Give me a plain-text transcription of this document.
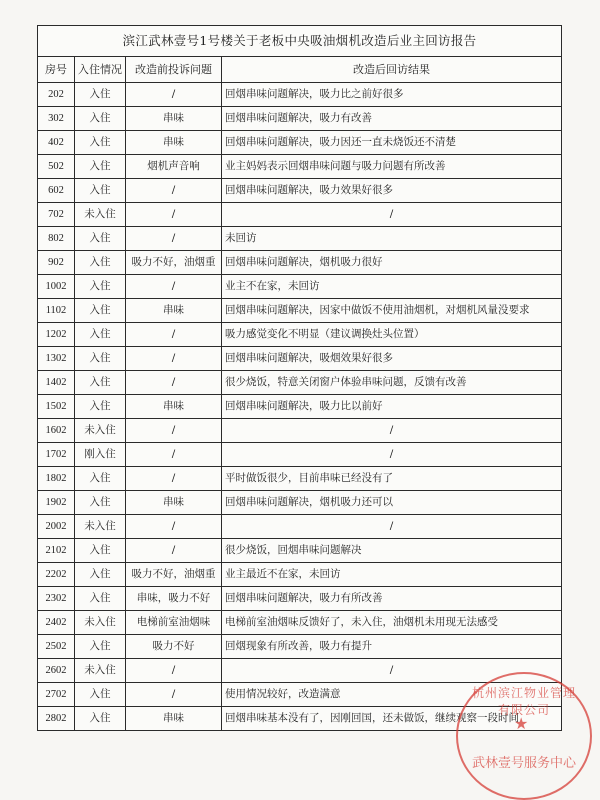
滨江武林壹号1号楼关于老板中央吸油烟机改造后业主回访报告			
房号	入住情况	改造前投诉问题	改造后回访结果
202	入住	/	回烟串味问题解决，吸力比之前好很多
302	入住	串味	回烟串味问题解决，吸力有改善
402	入住	串味	回烟串味问题解决，吸力因还一直未烧饭还不清楚
502	入住	烟机声音响	业主妈妈表示回烟串味问题与吸力问题有所改善
602	入住	/	回烟串味问题解决，吸力效果好很多
702	未入住	/	/
802	入住	/	未回访
902	入住	吸力不好，油烟重	回烟串味问题解决，烟机吸力很好
1002	入住	/	业主不在家，未回访
1102	入住	串味	回烟串味问题解决，因家中做饭不使用油烟机，对烟机风量没要求
1202	入住	/	吸力感觉变化不明显（建议调换灶头位置）
1302	入住	/	回烟串味问题解决，吸烟效果好很多
1402	入住	/	很少烧饭，特意关闭窗户体验串味问题，反馈有改善
1502	入住	串味	回烟串味问题解决，吸力比以前好
1602	未入住	/	/
1702	刚入住	/	/
1802	入住	/	平时做饭很少，目前串味已经没有了
1902	入住	串味	回烟串味问题解决，烟机吸力还可以
2002	未入住	/	/
2102	入住	/	很少烧饭，回烟串味问题解决
2202	入住	吸力不好，油烟重	业主最近不在家，未回访
2302	入住	串味，吸力不好	回烟串味问题解决，吸力有所改善
2402	未入住	电梯前室油烟味	电梯前室油烟味反馈好了，未入住，油烟机未用现无法感受
2502	入住	吸力不好	回烟现象有所改善，吸力有提升
2602	未入住	/	/
2702	入住	/	使用情况较好，改造满意
2802	入住	串味	回烟串味基本没有了，因刚回国，还未做饭，继续观察一段时间
杭州滨江物业管理有限公司
★
武林壹号服务中心
